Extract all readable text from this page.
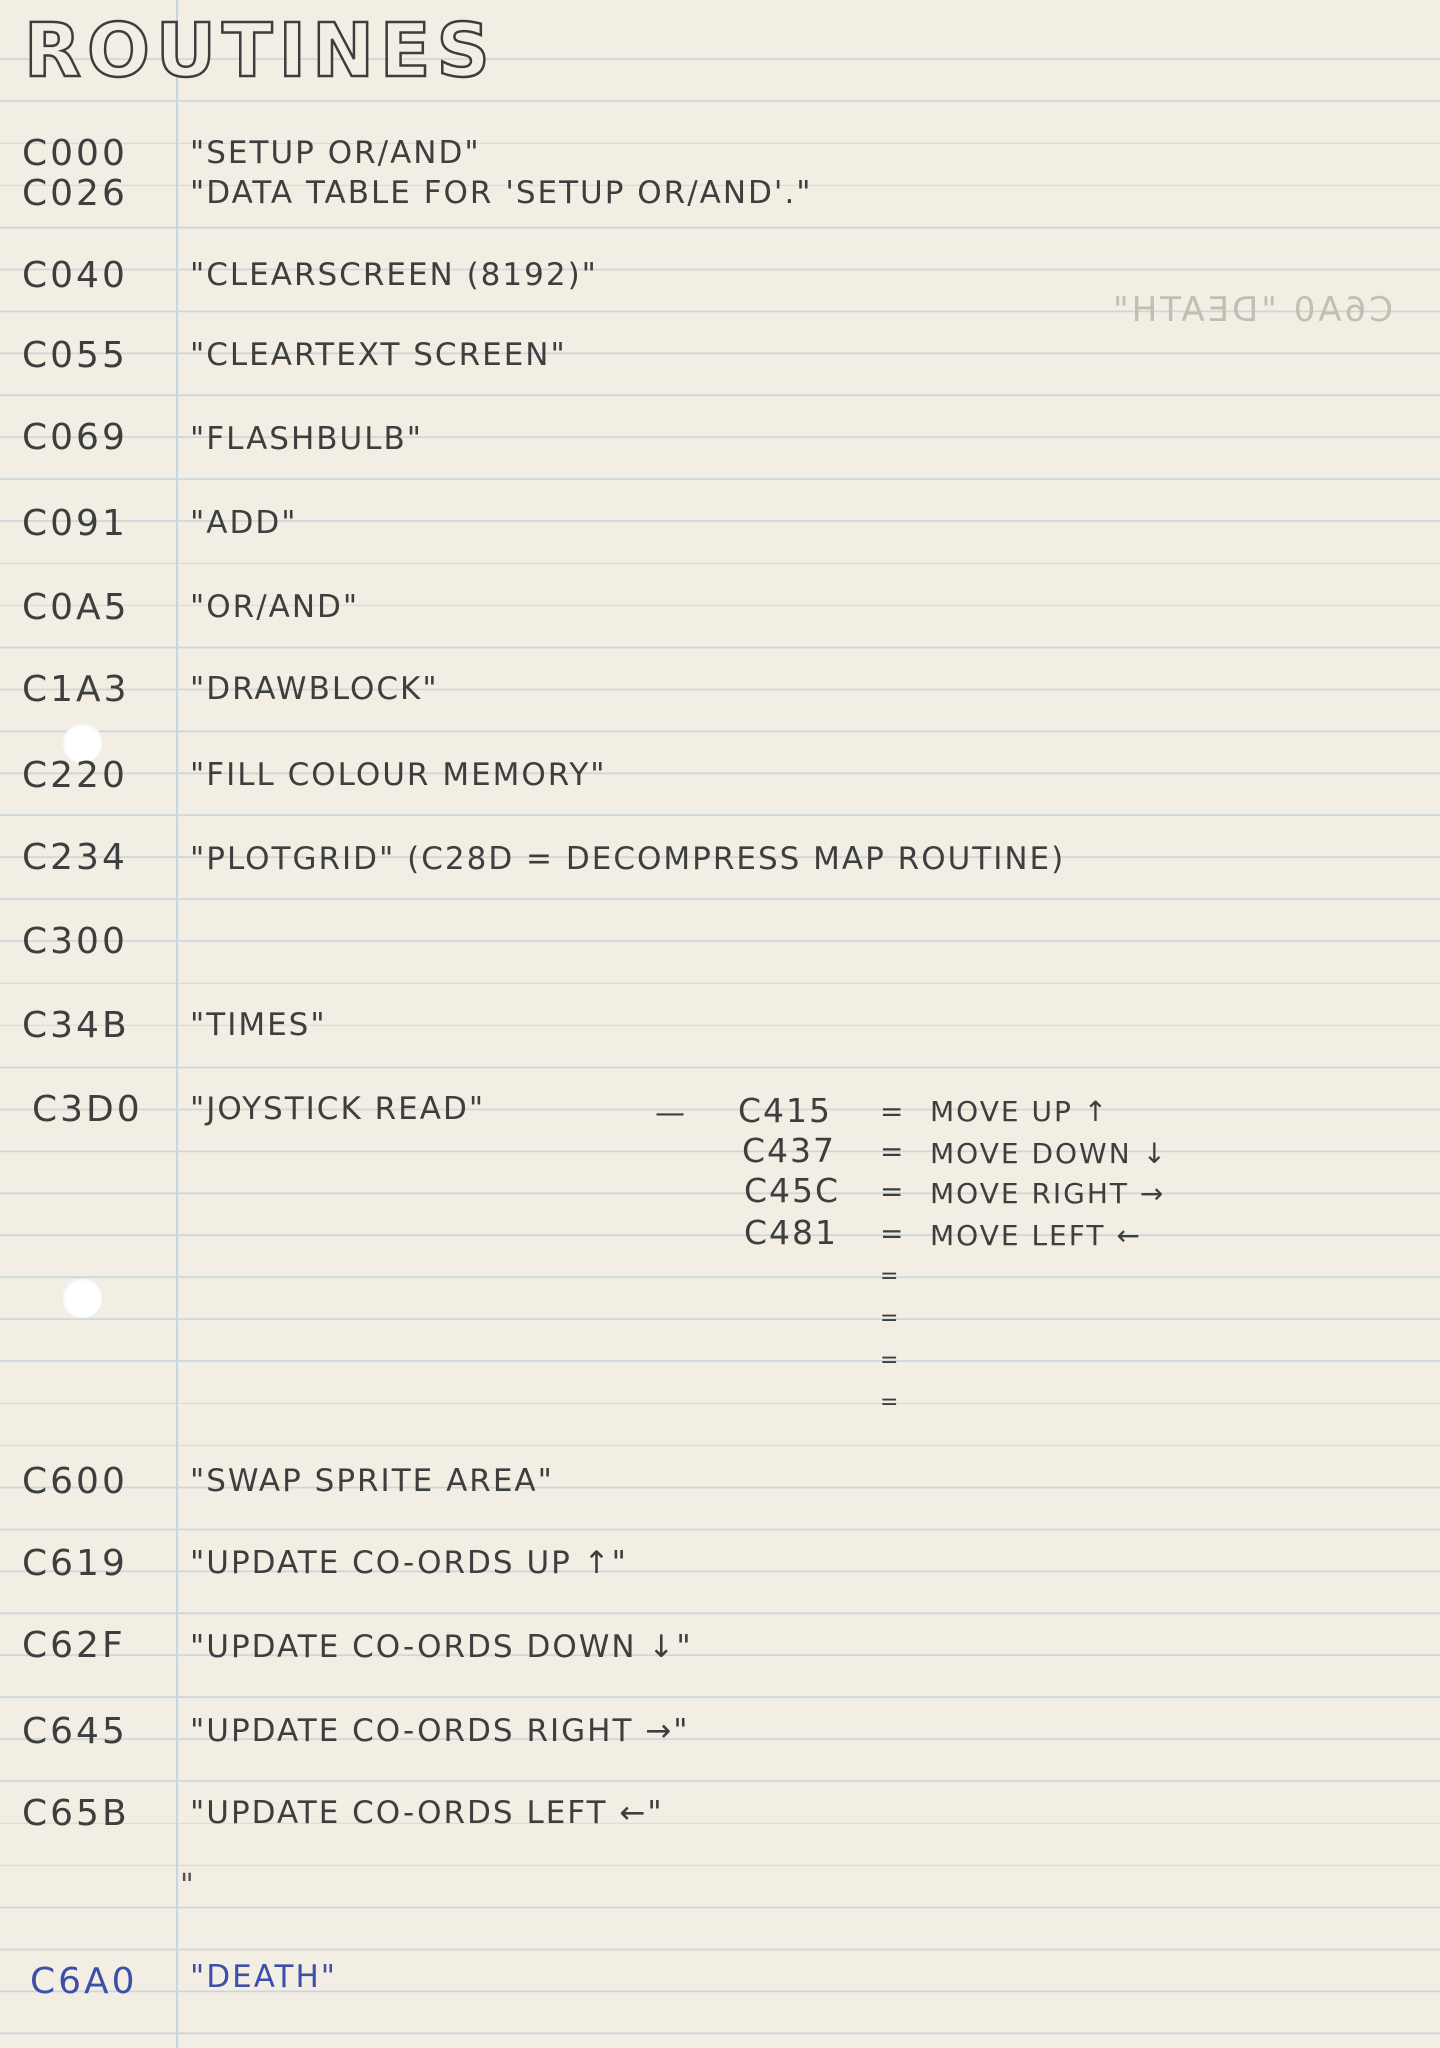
C6A0 "DEATH"
ROUTINES
C000 "SETUP OR/AND"
C026 "DATA TABLE FOR 'SETUP OR/AND'."
C040 "CLEARSCREEN (8192)"
C055 "CLEARTEXT SCREEN"
C069 "FLASHBULB"
C091 "ADD"
C0A5 "OR/AND"
C1A3 "DRAWBLOCK"
C220 "FILL COLOUR MEMORY"
C234 "PLOTGRID" (C28D = DECOMPRESS MAP ROUTINE)
C300
C34B "TIMES"
C3D0 "JOYSTICK READ"
C600 "SWAP SPRITE AREA"
C619 "UPDATE CO-ORDS UP ↑"
C62F "UPDATE CO-ORDS DOWN ↓"
C645 "UPDATE CO-ORDS RIGHT →"
C65B "UPDATE CO-ORDS LEFT ←"
C6A0 "DEATH"
— C415 = MOVE UP ↑
C437 = MOVE DOWN ↓
C45C = MOVE RIGHT →
C481 = MOVE LEFT ←
=
=
=
=
"
